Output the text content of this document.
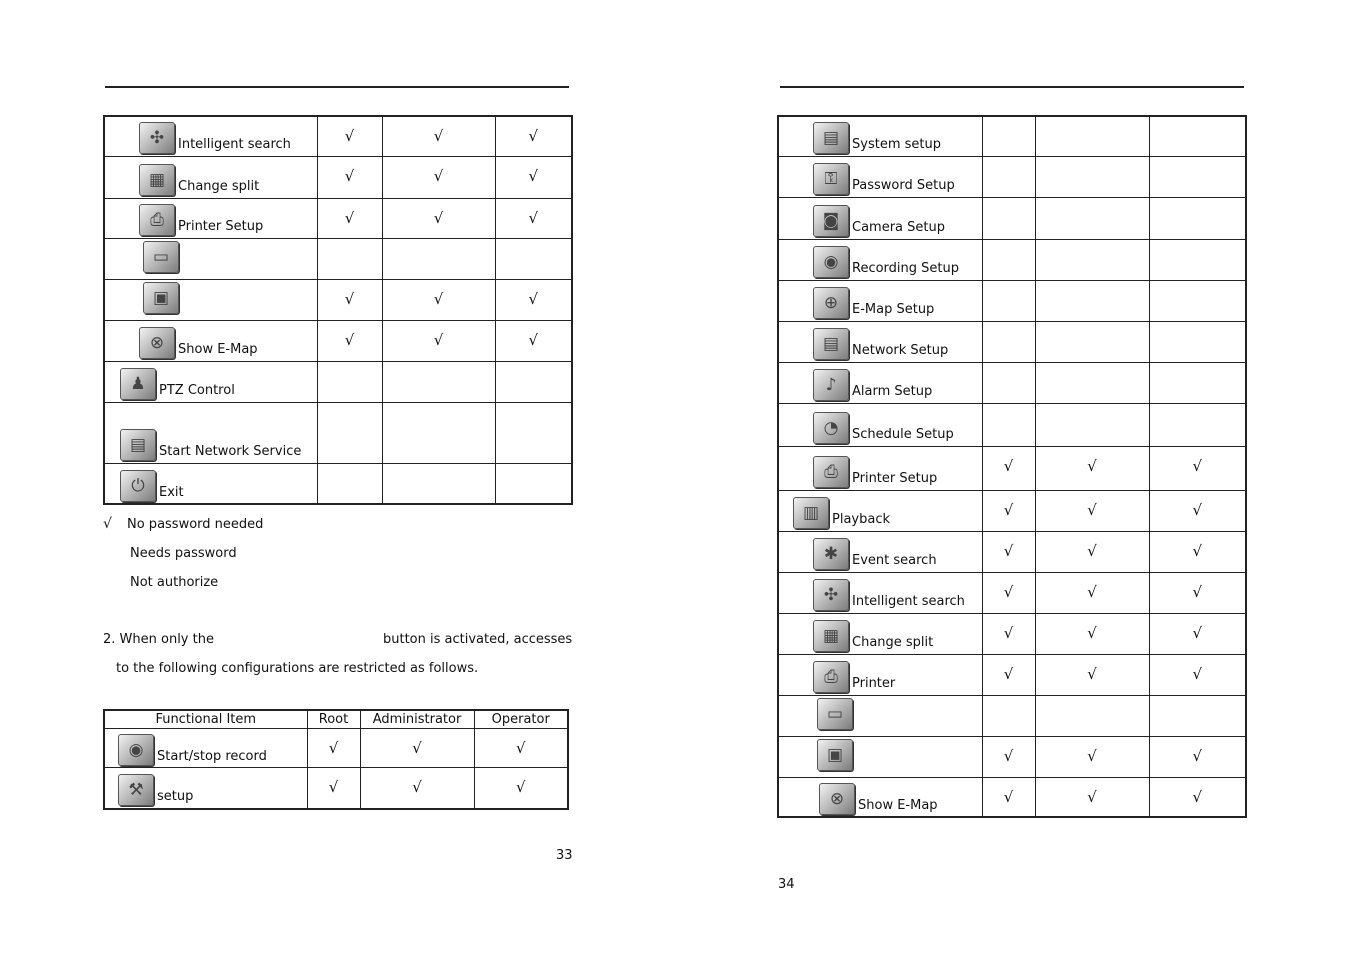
✣ Intelligent search	√	√	√

▦ Change split	√	√	√

⎙ Printer Setup	√	√	√

▭			

▣	√	√	√

⊗ Show E-Map	√	√	√

♟ PTZ Control			

▤ Start Network Service			

⏻ Exit			

√ No password needed
Needs password
Not authorize
2. When only the	button is activated, accesses
to the following configurations are restricted as follows.
Functional Item	Root	Administrator	Operator

◉ Start/stop record	√	√	√

⚒ setup	√	√	√
33
▤ System setup			

⚿ Password Setup			

◙ Camera Setup			

◉ Recording Setup			

⊕ E-Map Setup			

▤ Network Setup			

♪ Alarm Setup			

◔ Schedule Setup			

⎙ Printer Setup	√	√	√

▥ Playback	√	√	√

✱ Event search	√	√	√

✣ Intelligent search	√	√	√

▦ Change split	√	√	√

⎙ Printer	√	√	√

▭			

▣	√	√	√

⊗ Show E-Map	√	√	√
34
